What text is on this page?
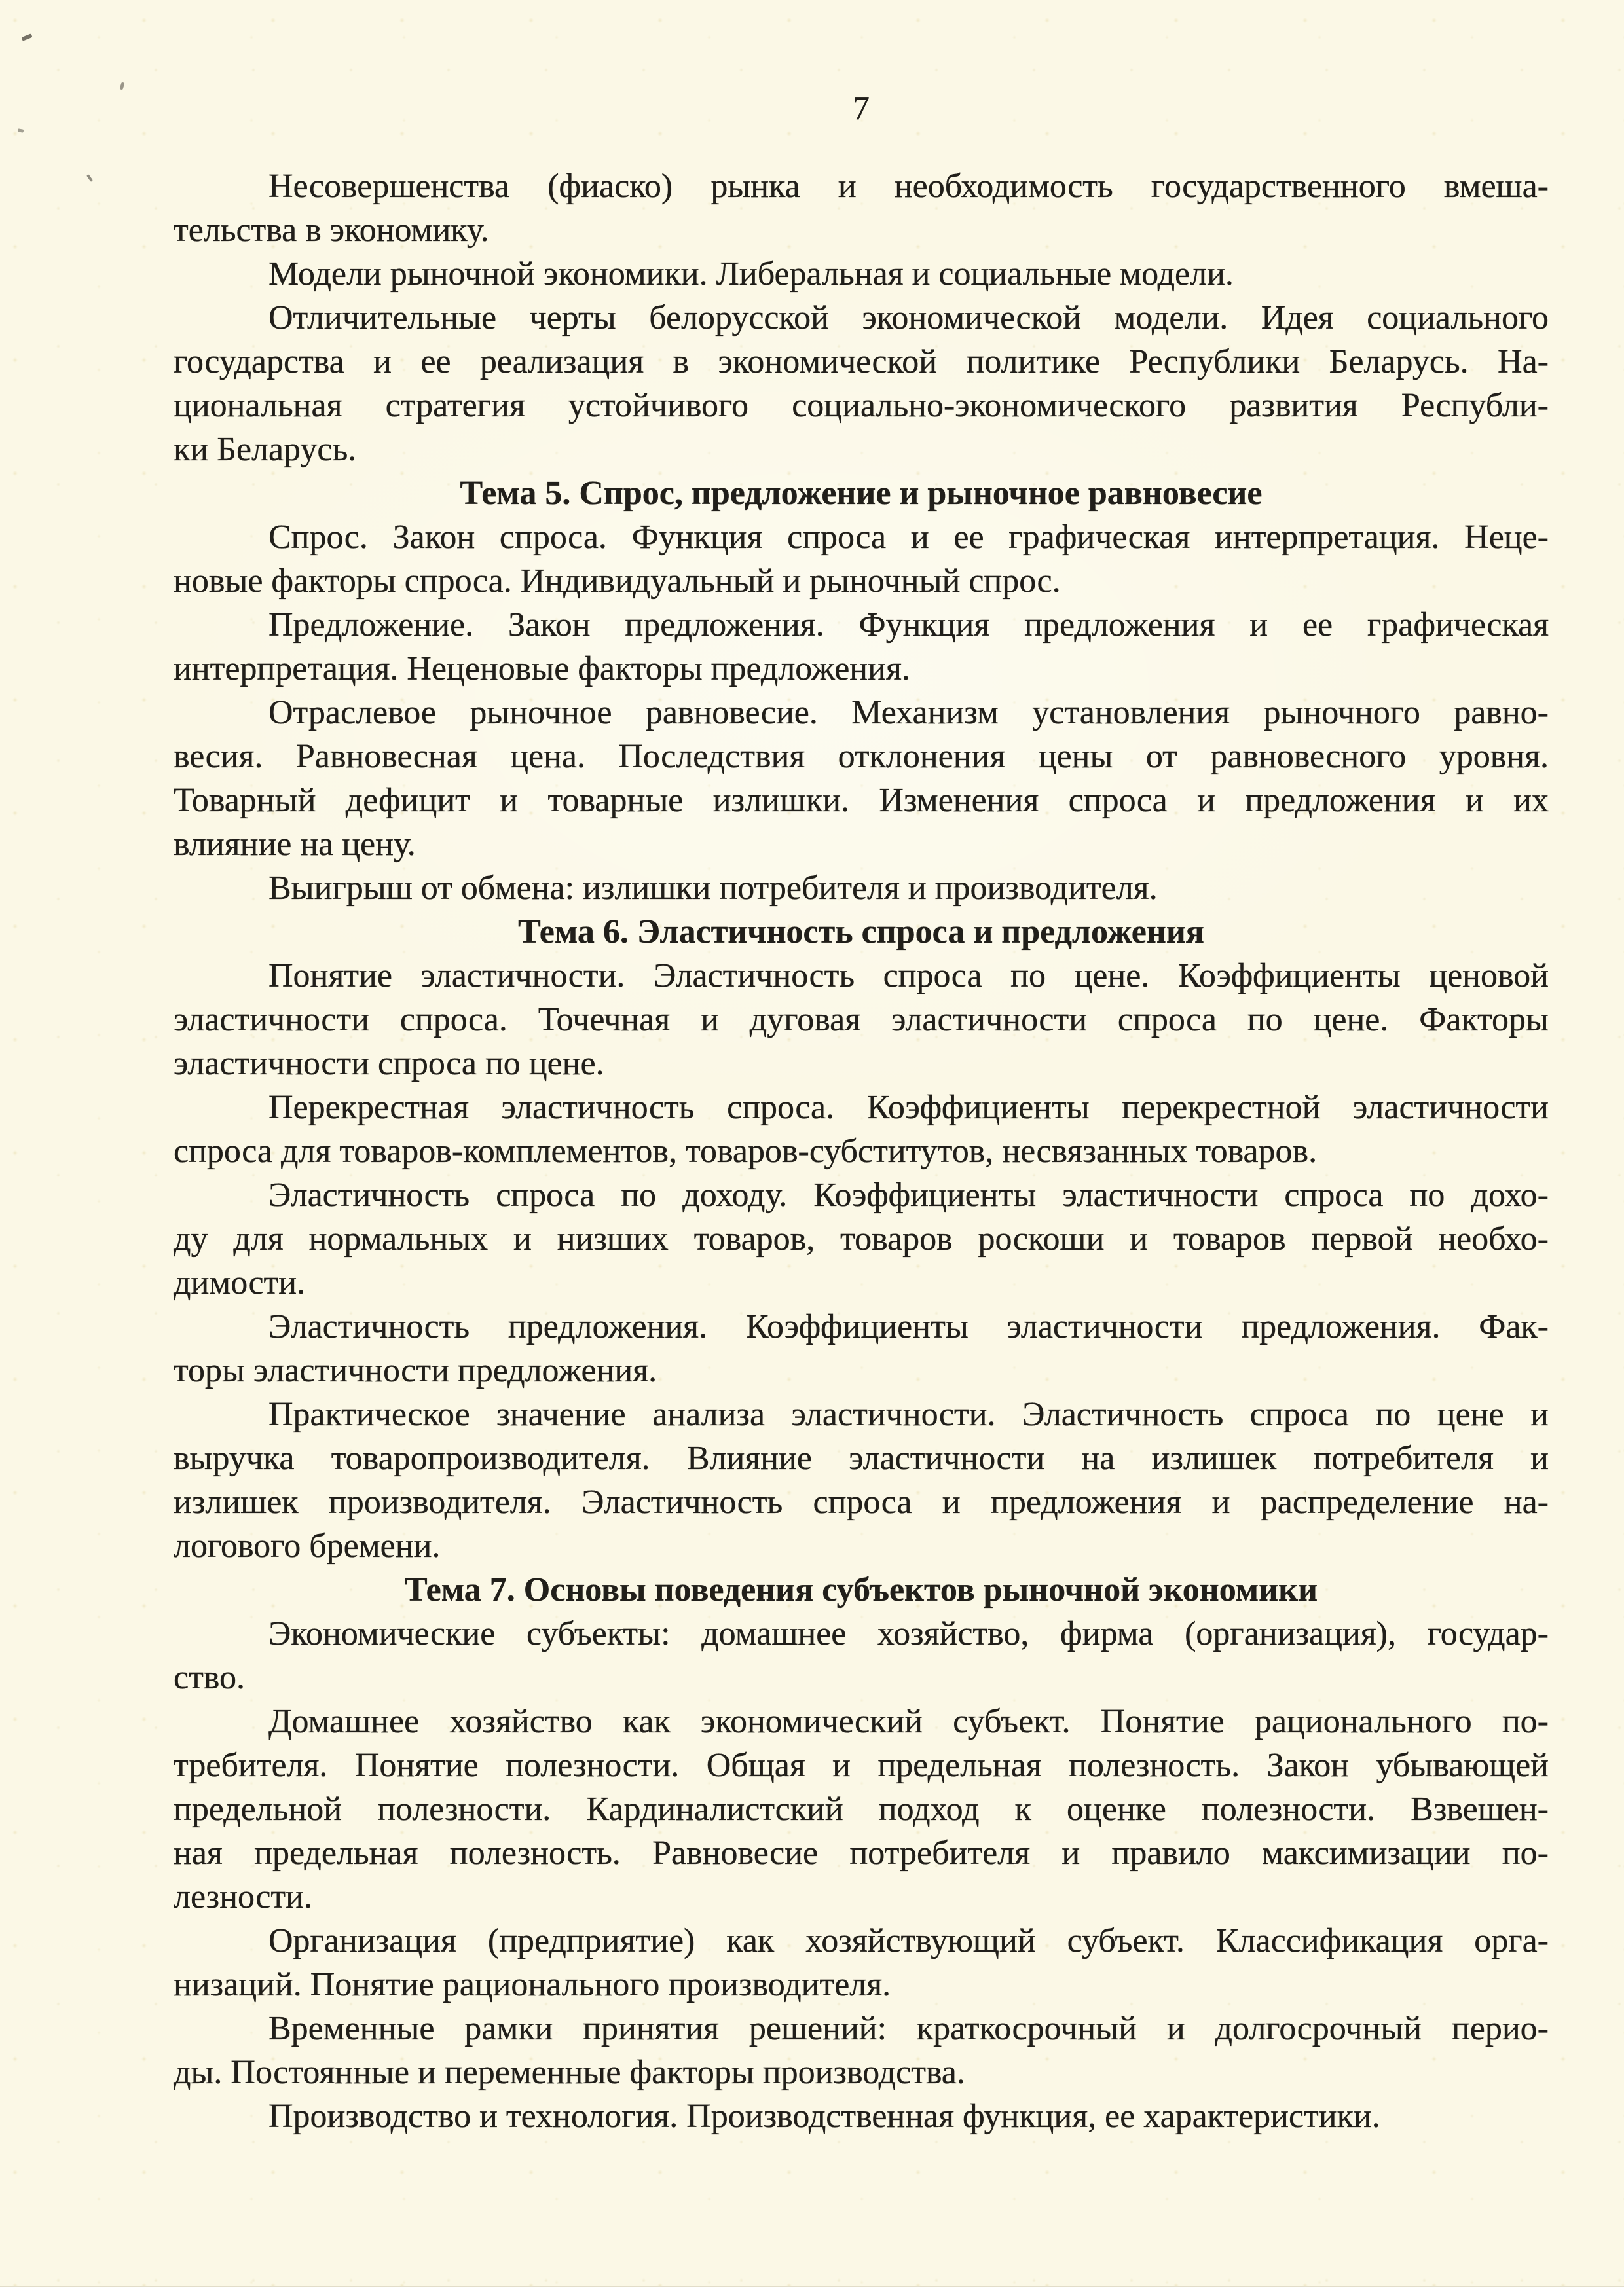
7
Несовершенства (фиаско) рынка и необходимость государственного вмеша-
тельства в экономику.
Модели рыночной экономики. Либеральная и социальные модели.
Отличительные черты белорусской экономической модели. Идея социального
государства и ее реализация в экономической политике Республики Беларусь. На-
циональная стратегия устойчивого социально-экономического развития Республи-
ки Беларусь.
Тема 5. Спрос, предложение и рыночное равновесие
Спрос. Закон спроса. Функция спроса и ее графическая интерпретация. Неце-
новые факторы спроса. Индивидуальный и рыночный спрос.
Предложение. Закон предложения. Функция предложения и ее графическая
интерпретация. Неценовые факторы предложения.
Отраслевое рыночное равновесие. Механизм установления рыночного равно-
весия. Равновесная цена. Последствия отклонения цены от равновесного уровня.
Товарный дефицит и товарные излишки. Изменения спроса и предложения и их
влияние на цену.
Выигрыш от обмена: излишки потребителя и производителя.
Тема 6. Эластичность спроса и предложения
Понятие эластичности. Эластичность спроса по цене. Коэффициенты ценовой
эластичности спроса. Точечная и дуговая эластичности спроса по цене. Факторы
эластичности спроса по цене.
Перекрестная эластичность спроса. Коэффициенты перекрестной эластичности
спроса для товаров-комплементов, товаров-субститутов, несвязанных товаров.
Эластичность спроса по доходу. Коэффициенты эластичности спроса по дохо-
ду для нормальных и низших товаров, товаров роскоши и товаров первой необхо-
димости.
Эластичность предложения. Коэффициенты эластичности предложения. Фак-
торы эластичности предложения.
Практическое значение анализа эластичности. Эластичность спроса по цене и
выручка товаропроизводителя. Влияние эластичности на излишек потребителя и
излишек производителя. Эластичность спроса и предложения и распределение на-
логового бремени.
Тема 7. Основы поведения субъектов рыночной экономики
Экономические субъекты: домашнее хозяйство, фирма (организация), государ-
ство.
Домашнее хозяйство как экономический субъект. Понятие рационального по-
требителя. Понятие полезности. Общая и предельная полезность. Закон убывающей
предельной полезности. Кардиналистский подход к оценке полезности. Взвешен-
ная предельная полезность. Равновесие потребителя и правило максимизации по-
лезности.
Организация (предприятие) как хозяйствующий субъект. Классификация орга-
низаций. Понятие рационального производителя.
Временные рамки принятия решений: краткосрочный и долгосрочный перио-
ды. Постоянные и переменные факторы производства.
Производство и технология. Производственная функция, ее характеристики.
